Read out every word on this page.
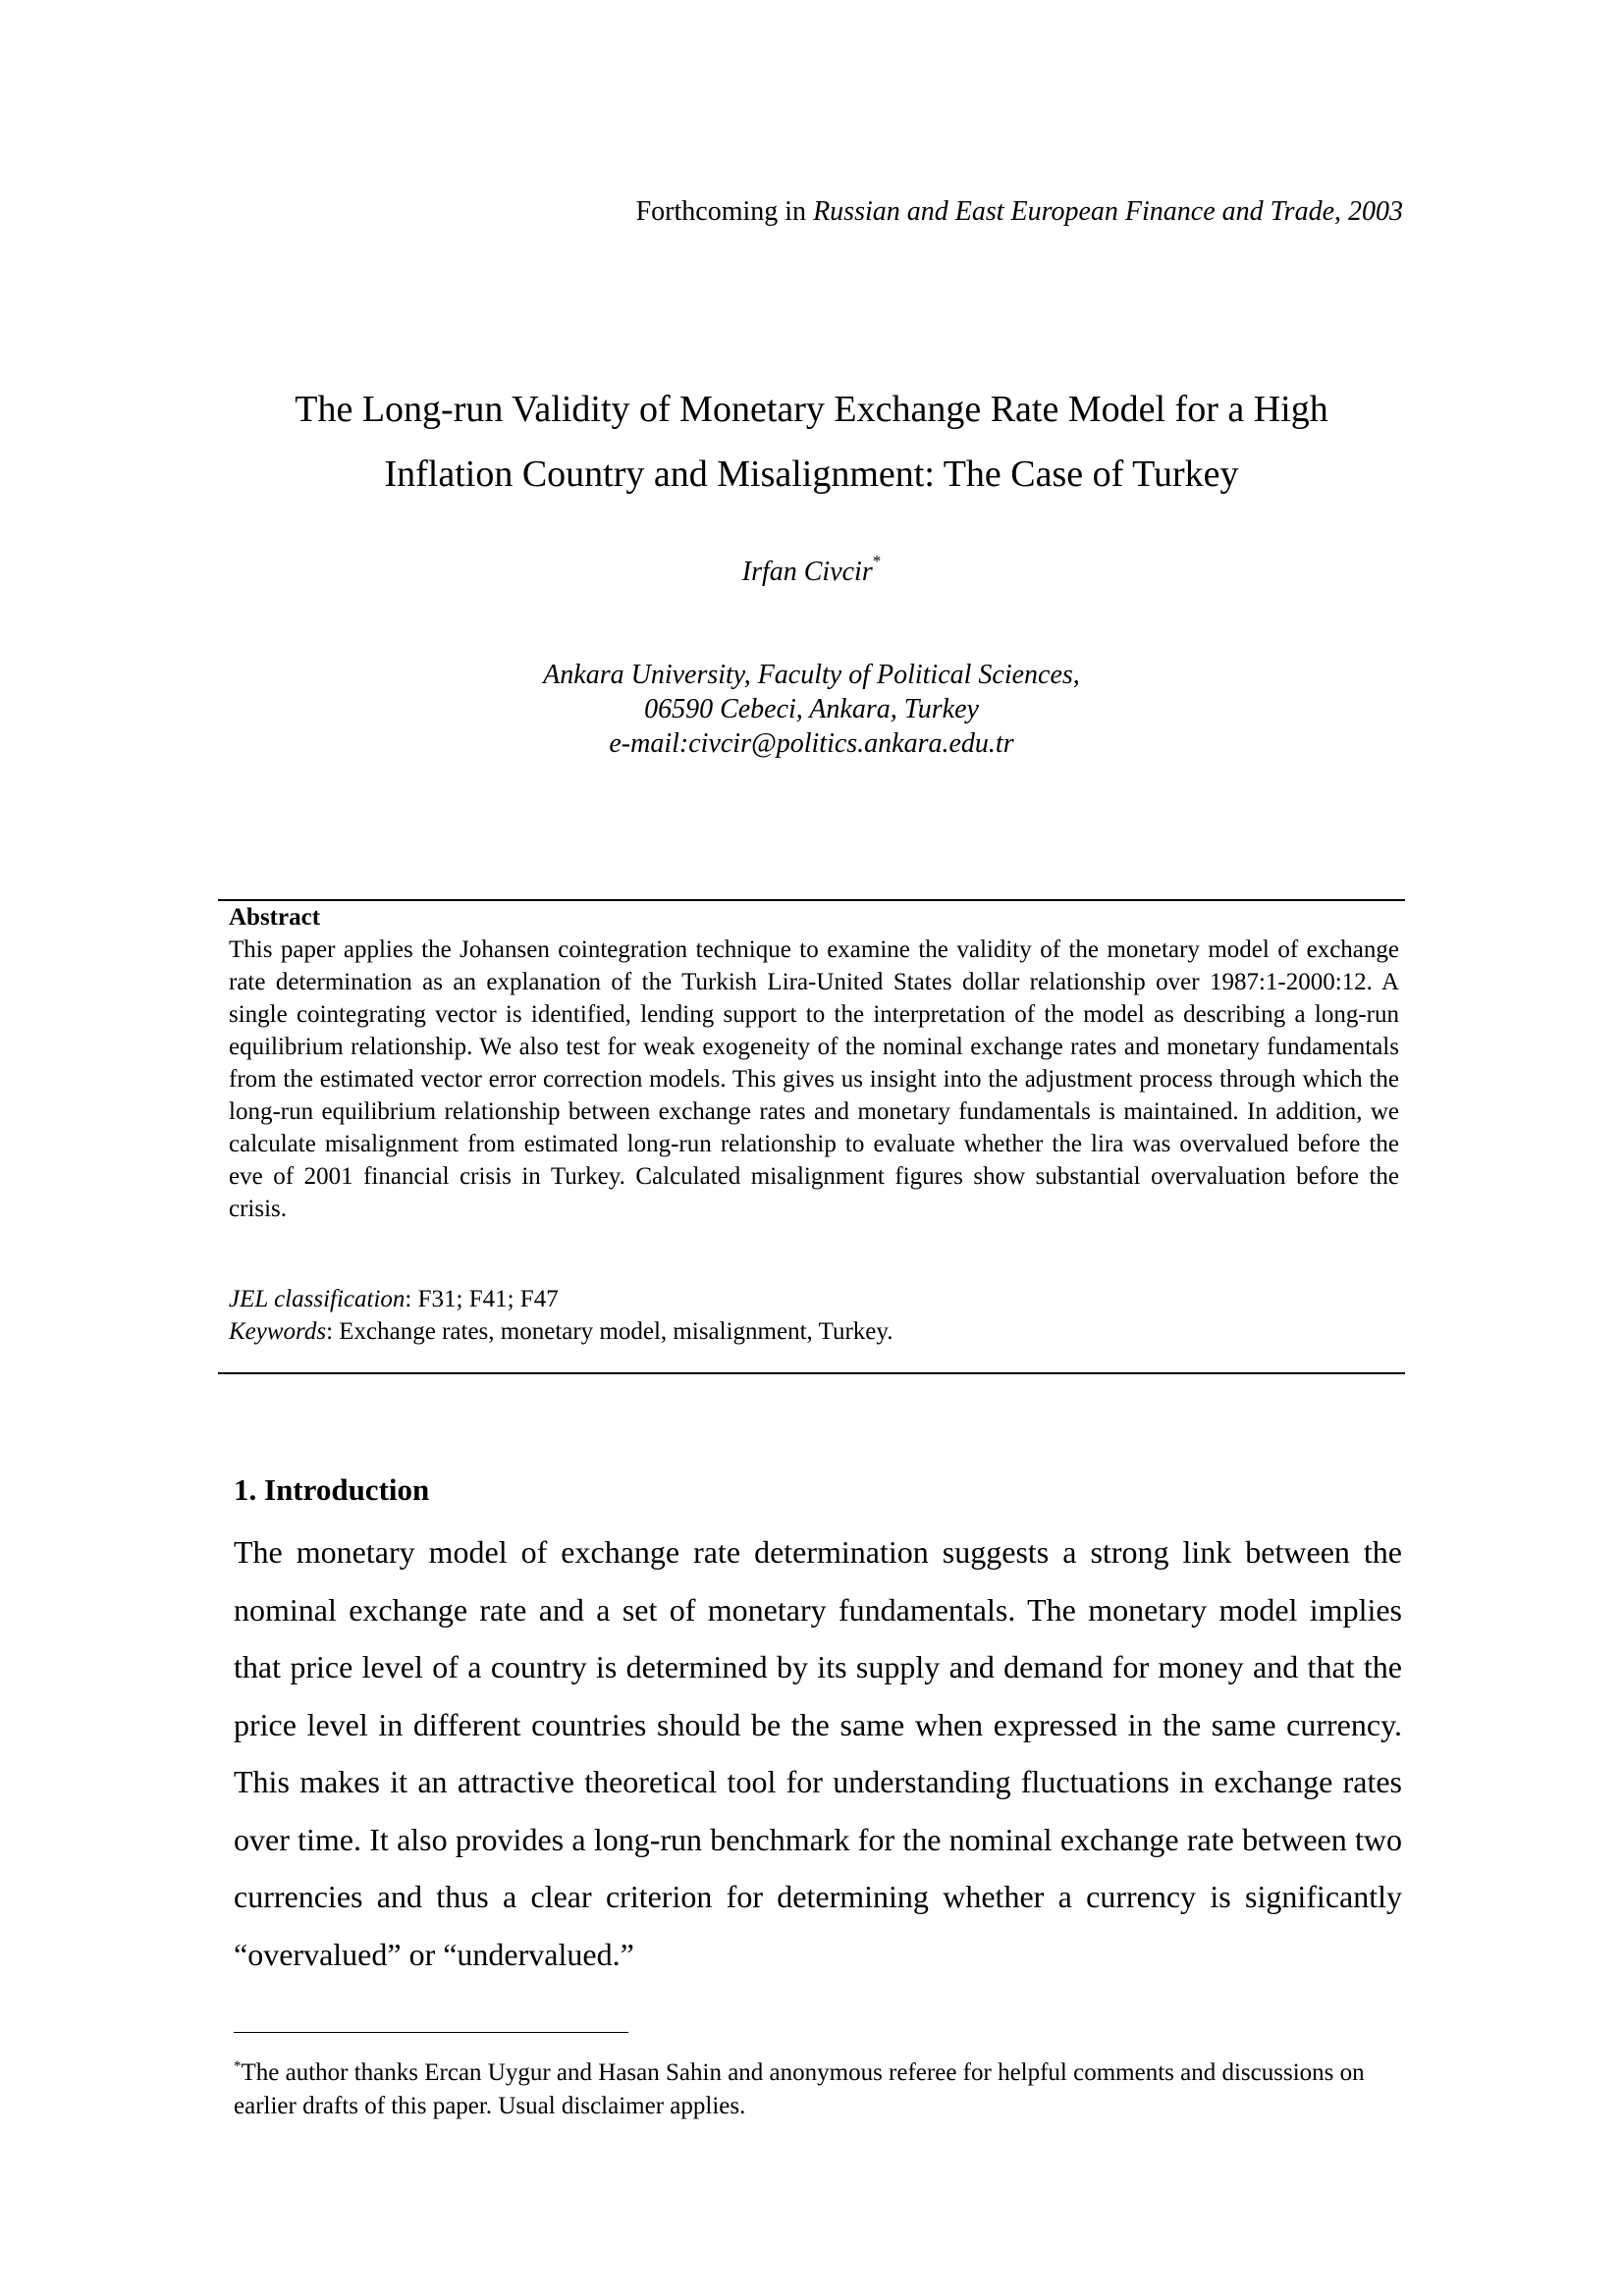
Forthcoming in Russian and East European Finance and Trade, 2003
The Long-run Validity of Monetary Exchange Rate Model for a High
Inflation Country and Misalignment: The Case of Turkey
Irfan Civcir*
Ankara University, Faculty of Political Sciences,
06590 Cebeci, Ankara, Turkey
e-mail:civcir@politics.ankara.edu.tr
Abstract

This paper applies the Johansen cointegration technique to examine the validity of the monetary model of exchange rate determination as an explanation of the Turkish Lira-United States dollar relationship over 1987:1-2000:12. A single cointegrating vector is identified, lending support to the interpretation of the model as describing a long-run equilibrium relationship. We also test for weak exogeneity of the nominal exchange rates and monetary fundamentals from the estimated vector error correction models. This gives us insight into the adjustment process through which the long-run equilibrium relationship between exchange rates and monetary fundamentals is maintained. In addition, we calculate misalignment from estimated long-run relationship to evaluate whether the lira was overvalued before the eve of 2001 financial crisis in Turkey. Calculated misalignment figures show substantial overvaluation before the crisis.

JEL classification: F31; F41; F47
Keywords: Exchange rates, monetary model, misalignment, Turkey.
1. Introduction

The monetary model of exchange rate determination suggests a strong link between the nominal exchange rate and a set of monetary fundamentals. The monetary model implies that price level of a country is determined by its supply and demand for money and that the price level in different countries should be the same when expressed in the same currency. This makes it an attractive theoretical tool for understanding fluctuations in exchange rates over time. It also provides a long-run benchmark for the nominal exchange rate between two currencies and thus a clear criterion for determining whether a currency is significantly “overvalued” or “undervalued.”

*The author thanks Ercan Uygur and Hasan Sahin and anonymous referee for helpful comments and discussions on earlier drafts of this paper. Usual disclaimer applies.
